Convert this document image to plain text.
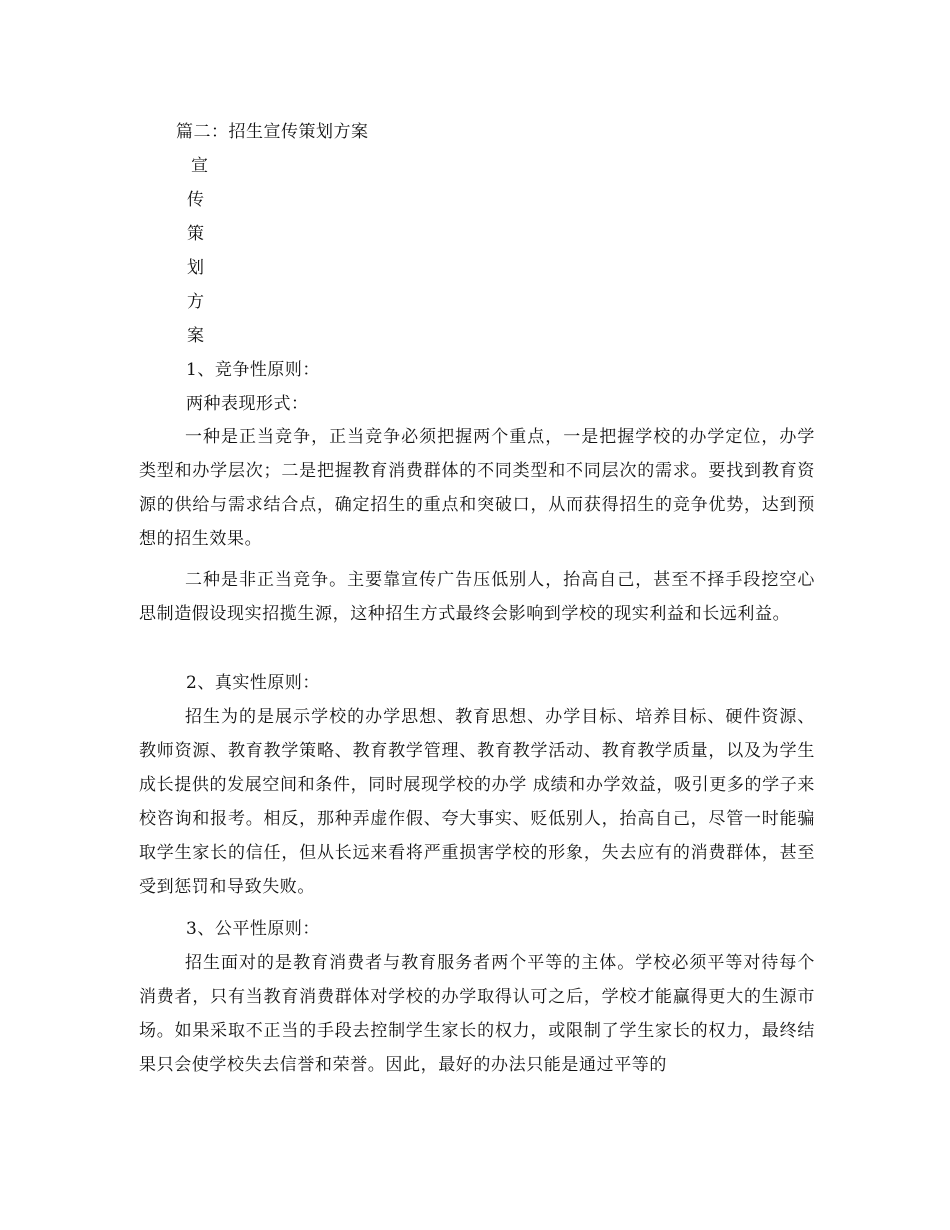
篇二：招生宣传策划方案
宣
传
策
划
方
案
1、竞争性原则：
两种表现形式：

一种是正当竞争，正当竞争必须把握两个重点，一是把握学校的办学定位，办学类型和办学层次；二是把握教育消费群体的不同类型和不同层次的需求。要找到教育资源的供给与需求结合点，确定招生的重点和突破口，从而获得招生的竞争优势，达到预想的招生效果。

二种是非正当竞争。主要靠宣传广告压低别人，抬高自己，甚至不择手段挖空心思制造假设现实招揽生源，这种招生方式最终会影响到学校的现实利益和长远利益。

2、真实性原则：

招生为的是展示学校的办学思想、教育思想、办学目标、培养目标、硬件资源、教师资源、教育教学策略、教育教学管理、教育教学活动、教育教学质量，以及为学生成长提供的发展空间和条件，同时展现学校的办学 成绩和办学效益，吸引更多的学子来校咨询和报考。相反，那种弄虚作假、夸大事实、贬低别人，抬高自己，尽管一时能骗取学生家长的信任，但从长远来看将严重损害学校的形象，失去应有的消费群体，甚至受到惩罚和导致失败。

3、公平性原则：

招生面对的是教育消费者与教育服务者两个平等的主体。学校必须平等对待每个消费者，只有当教育消费群体对学校的办学取得认可之后，学校才能赢得更大的生源市场。如果采取不正当的手段去控制学生家长的权力，或限制了学生家长的权力，最终结果只会使学校失去信誉和荣誉。因此，最好的办法只能是通过平等的
